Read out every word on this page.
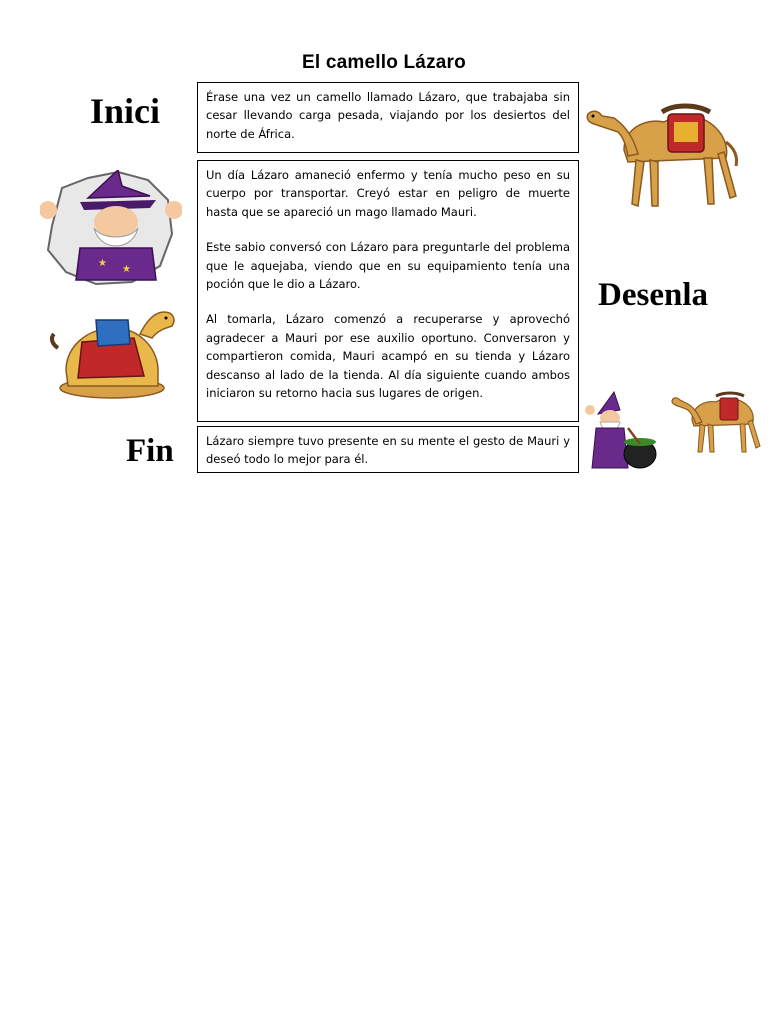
El camello Lázaro
Inici
Desenla
Fin

Érase una vez un camello llamado Lázaro, que trabajaba sin cesar llevando carga pesada, viajando por los desiertos del norte de África.

Un día Lázaro amaneció enfermo y tenía mucho peso en su cuerpo por transportar. Creyó estar en peligro de muerte hasta que se apareció un mago llamado Mauri.

Este sabio conversó con Lázaro para preguntarle del problema que le aquejaba, viendo que en su equipamiento tenía una poción que le dio a Lázaro.

Al tomarla, Lázaro comenzó a recuperarse y aprovechó agradecer a Mauri por ese auxilio oportuno. Conversaron y compartieron comida, Mauri acampó en su tienda y Lázaro descanso al lado de la tienda. Al día siguiente cuando ambos iniciaron su retorno hacia sus lugares de origen.

Lázaro siempre tuvo presente en su mente el gesto de Mauri y deseó todo lo mejor para él.

★
★
